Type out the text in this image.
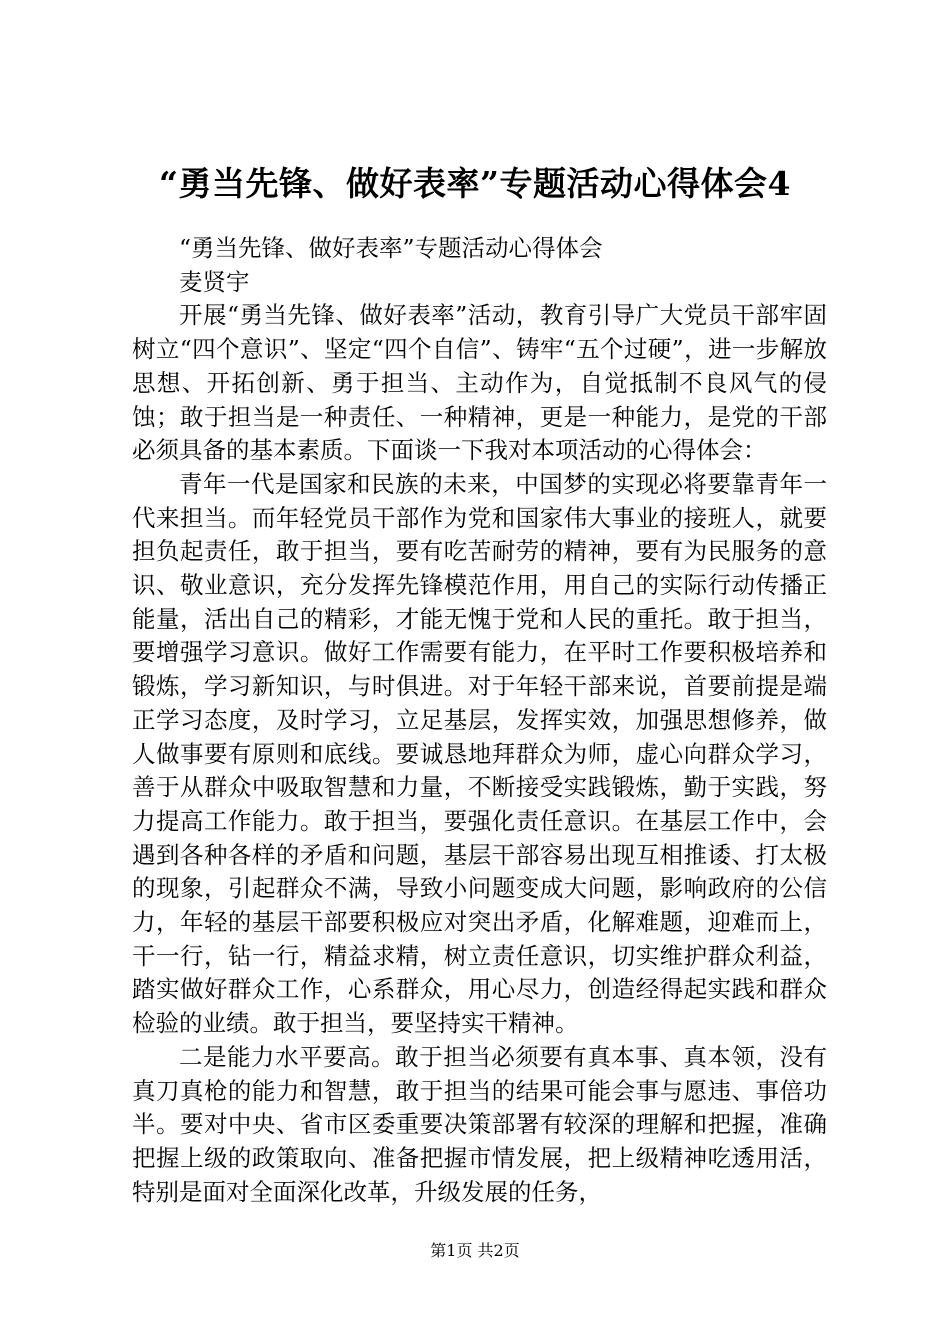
“勇当先锋、做好表率”专题活动心得体会4

“勇当先锋、做好表率”专题活动心得体会

麦贤宇

开展“勇当先锋、做好表率”活动，教育引导广大党员干部牢固树立“四个意识”、坚定“四个自信”、铸牢“五个过硬”，进一步解放思想、开拓创新、勇于担当、主动作为，自觉抵制不良风气的侵蚀；敢于担当是一种责任、一种精神，更是一种能力，是党的干部必须具备的基本素质。下面谈一下我对本项活动的心得体会：

青年一代是国家和民族的未来，中国梦的实现必将要靠青年一代来担当。而年轻党员干部作为党和国家伟大事业的接班人，就要担负起责任，敢于担当，要有吃苦耐劳的精神，要有为民服务的意识、敬业意识，充分发挥先锋模范作用，用自己的实际行动传播正能量，活出自己的精彩，才能无愧于党和人民的重托。敢于担当，要增强学习意识。做好工作需要有能力，在平时工作要积极培养和锻炼，学习新知识，与时俱进。对于年轻干部来说，首要前提是端正学习态度，及时学习，立足基层，发挥实效，加强思想修养，做人做事要有原则和底线。要诚恳地拜群众为师，虚心向群众学习，善于从群众中吸取智慧和力量，不断接受实践锻炼，勤于实践，努力提高工作能力。敢于担当，要强化责任意识。在基层工作中，会遇到各种各样的矛盾和问题，基层干部容易出现互相推诿、打太极的现象，引起群众不满，导致小问题变成大问题，影响政府的公信力，年轻的基层干部要积极应对突出矛盾，化解难题，迎难而上，干一行，钻一行，精益求精，树立责任意识，切实维护群众利益，踏实做好群众工作，心系群众，用心尽力，创造经得起实践和群众检验的业绩。敢于担当，要坚持实干精神。

二是能力水平要高。敢于担当必须要有真本事、真本领，没有真刀真枪的能力和智慧，敢于担当的结果可能会事与愿违、事倍功半。要对中央、省市区委重要决策部署有较深的理解和把握，准确把握上级的政策取向、准备把握市情发展，把上级精神吃透用活，特别是面对全面深化改革，升级发展的任务，

第1页 共2页
